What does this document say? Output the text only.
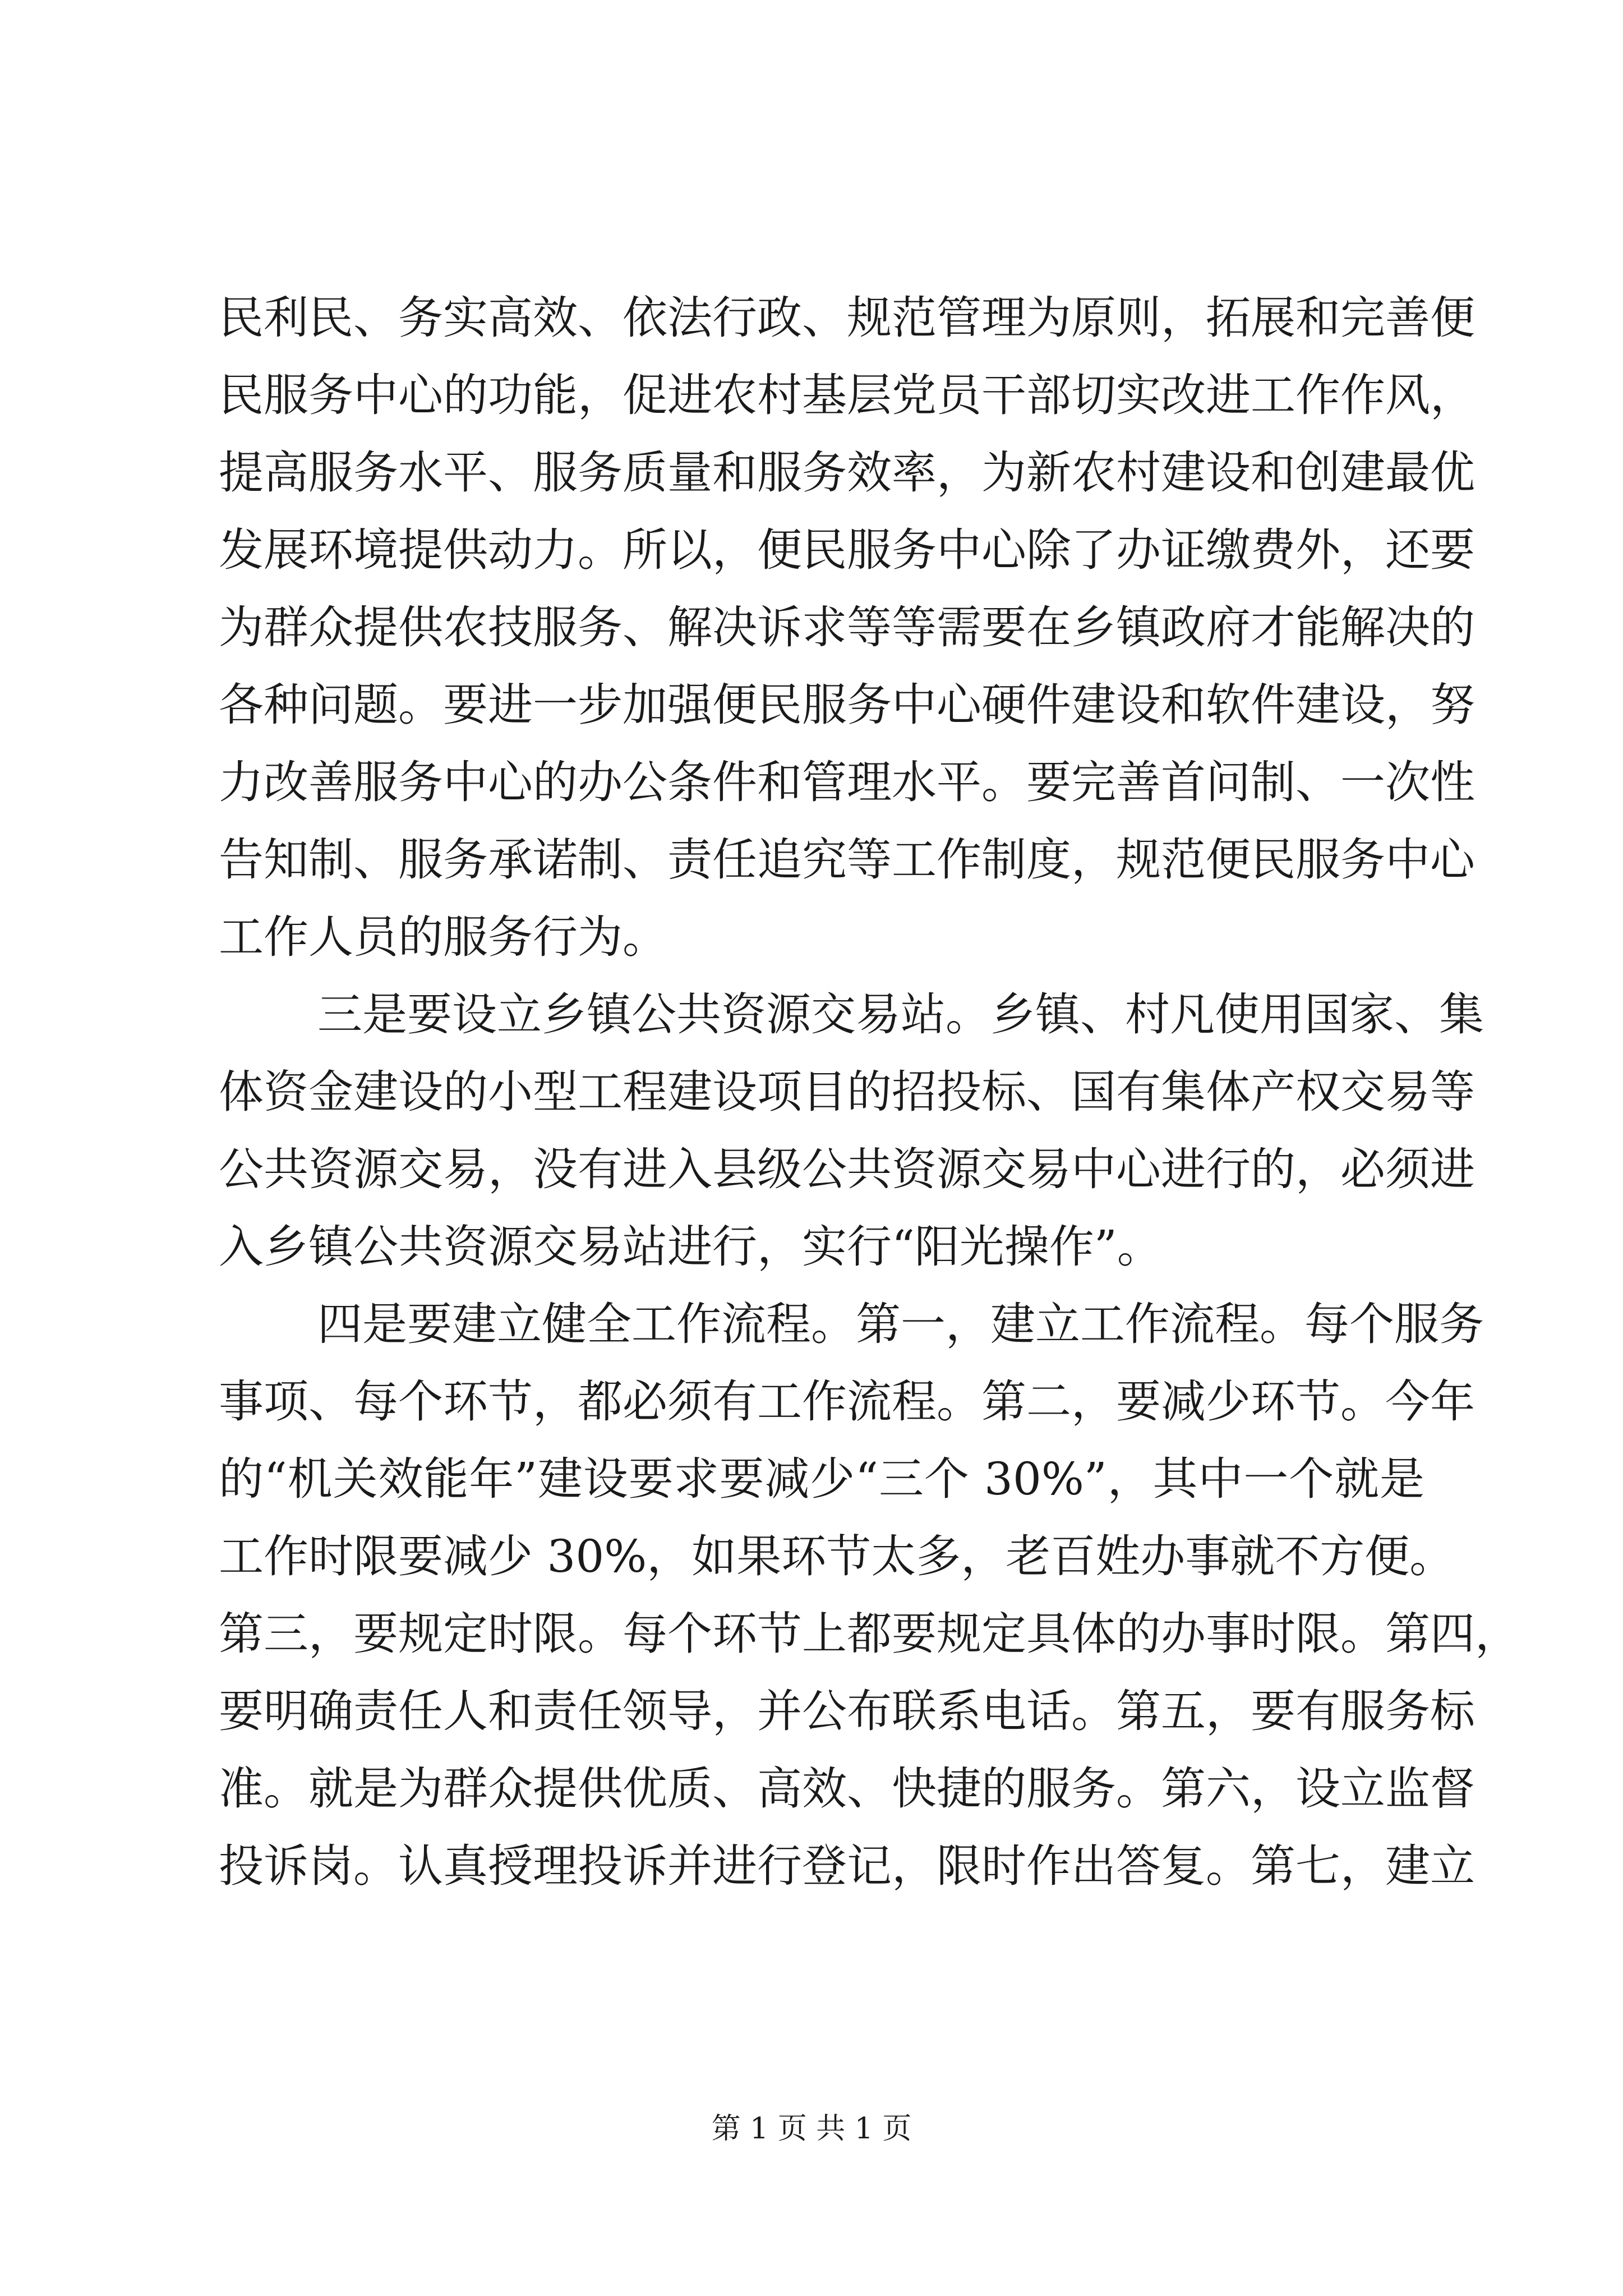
民利民、务实高效、依法行政、规范管理为原则，拓展和完善便
民服务中心的功能，促进农村基层党员干部切实改进工作作风，
提高服务水平、服务质量和服务效率，为新农村建设和创建最优
发展环境提供动力。所以，便民服务中心除了办证缴费外，还要
为群众提供农技服务、解决诉求等等需要在乡镇政府才能解决的
各种问题。要进一步加强便民服务中心硬件建设和软件建设，努
力改善服务中心的办公条件和管理水平。要完善首问制、一次性
告知制、服务承诺制、责任追究等工作制度，规范便民服务中心
工作人员的服务行为。
三是要设立乡镇公共资源交易站。乡镇、村凡使用国家、集
体资金建设的小型工程建设项目的招投标、国有集体产权交易等
公共资源交易，没有进入县级公共资源交易中心进行的，必须进
入乡镇公共资源交易站进行，实行“阳光操作”。
四是要建立健全工作流程。第一，建立工作流程。每个服务
事项、每个环节，都必须有工作流程。第二，要减少环节。今年
的“机关效能年”建设要求要减少“三个 30%”，其中一个就是
工作时限要减少 30%，如果环节太多，老百姓办事就不方便。
第三，要规定时限。每个环节上都要规定具体的办事时限。第四，
要明确责任人和责任领导，并公布联系电话。第五，要有服务标
准。就是为群众提供优质、高效、快捷的服务。第六，设立监督
投诉岗。认真授理投诉并进行登记，限时作出答复。第七，建立
第 1 页 共 1 页
